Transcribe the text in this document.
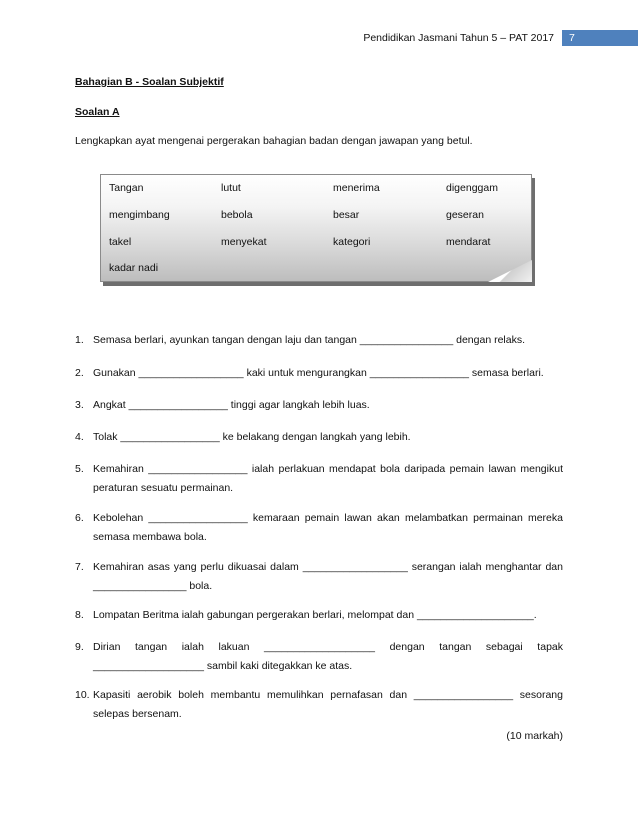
Pendidikan Jasmani Tahun 5 – PAT 2017	7
Bahagian B - Soalan Subjektif
Soalan A
Lengkapkan ayat mengenai pergerakan bahagian badan dengan jawapan yang betul.
Tangan	lutut	menerima	digenggam
mengimbang	bebola	besar	geseran
takel	menyekat	kategori	mendarat
kadar nadi
1. Semasa berlari, ayunkan tangan dengan laju dan tangan ________________ dengan relaks.
2. Gunakan __________________ kaki untuk mengurangkan _________________ semasa berlari.
3. Angkat _________________ tinggi agar langkah lebih luas.
4. Tolak _________________ ke belakang dengan langkah yang lebih.
5. Kemahiran _________________ ialah perlakuan mendapat bola daripada pemain lawan mengikut peraturan sesuatu permainan.
6. Kebolehan _________________ kemaraan pemain lawan akan melambatkan permainan mereka semasa membawa bola.
7. Kemahiran asas yang perlu dikuasai dalam __________________ serangan ialah menghantar dan ________________ bola.
8. Lompatan Beritma ialah gabungan pergerakan berlari, melompat dan ____________________.
9. Dirian tangan ialah lakuan ___________________ dengan tangan sebagai tapak ___________________ sambil kaki ditegakkan ke atas.
10. Kapasiti aerobik boleh membantu memulihkan pernafasan dan _________________ sesorang selepas bersenam.
(10 markah)
